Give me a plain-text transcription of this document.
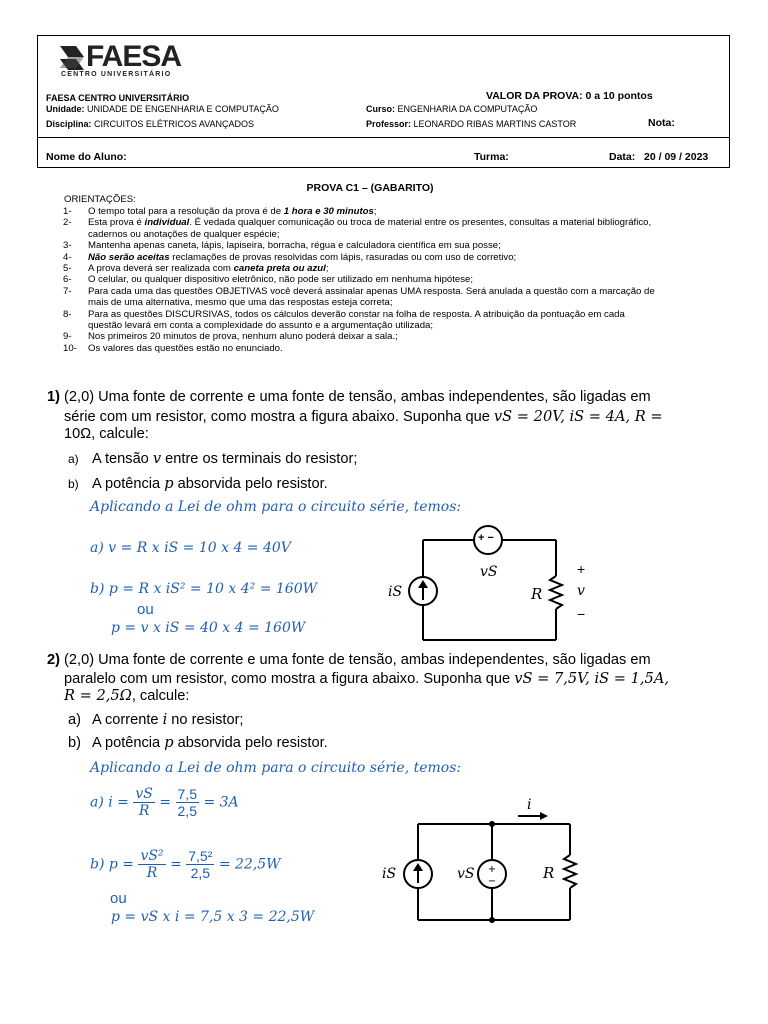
FAESA
CENTRO UNIVERSITÁRIO
FAESA CENTRO UNIVERSITÁRIO
Unidade: UNIDADE DE ENGENHARIA E COMPUTAÇÃO
Disciplina: CIRCUITOS ELÉTRICOS AVANÇADOS
VALOR DA PROVA: 0 a 10 pontos
Curso: ENGENHARIA DA COMPUTAÇÃO
Professor: LEONARDO RIBAS MARTINS CASTOR	Nota:
Nome do Aluno:	Turma:	Data: 20 / 09 / 2023
PROVA C1 – (GABARITO)
ORIENTAÇÕES:
1- O tempo total para a resolução da prova é de 1 hora e 30 minutos;
2- Esta prova é individual. É vedada qualquer comunicação ou troca de material entre os presentes, consultas a material bibliográfico,
cadernos ou anotações de qualquer espécie;
3- Mantenha apenas caneta, lápis, lapiseira, borracha, régua e calculadora científica em sua posse;
4- Não serão aceitas reclamações de provas resolvidas com lápis, rasuradas ou com uso de corretivo;
5- A prova deverá ser realizada com caneta preta ou azul;
6- O celular, ou qualquer dispositivo eletrônico, não pode ser utilizado em nenhuma hipótese;
7- Para cada uma das questões OBJETIVAS você deverá assinalar apenas UMA resposta. Será anulada a questão com a marcação de
mais de uma alternativa, mesmo que uma das respostas esteja correta;
8- Para as questões DISCURSIVAS, todos os cálculos deverão constar na folha de resposta. A atribuição da pontuação em cada
questão levará em conta a complexidade do assunto e a argumentação utilizada;
9- Nos primeiros 20 minutos de prova, nenhum aluno poderá deixar a sala.;
10- Os valores das questões estão no enunciado.
1) (2,0) Uma fonte de corrente e uma fonte de tensão, ambas independentes, são ligadas em
série com um resistor, como mostra a figura abaixo. Suponha que vS = 20V, iS = 4A, R =
10Ω, calcule:
a) A tensão v entre os terminais do resistor;
b) A potência p absorvida pelo resistor.
Aplicando a Lei de ohm para o circuito série, temos:
a) v = R x iS = 10 x 4 = 40V
b) p = R x iS² = 10 x 4² = 160W
ou
p = v x iS = 40 x 4 = 160W
+ −
vS
iS	R
+
v
−
2) (2,0) Uma fonte de corrente e uma fonte de tensão, ambas independentes, são ligadas em
paralelo com um resistor, como mostra a figura abaixo. Suponha que vS = 7,5V, iS = 1,5A,
R = 2,5Ω, calcule:
a) A corrente i no resistor;
b) A potência p absorvida pelo resistor.
Aplicando a Lei de ohm para o circuito série, temos:
a) $i = \frac{vS}{R} = \frac{7,5}{2,5} = 3A$
b) $p = \frac{\text{vS²}}{R} = \frac{\text{7,5²}}{2,5} = 22,5W$
ou
p = vS x i = 7,5 x 3 = 22,5W
+
−
i
iS	vS	R
